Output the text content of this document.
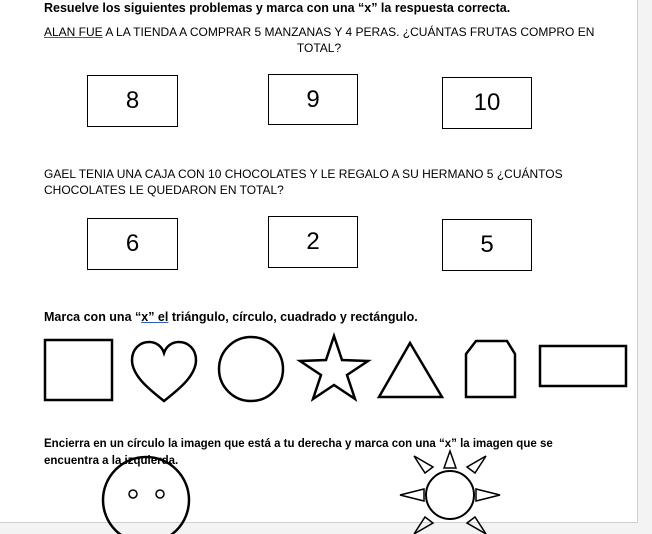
Resuelve los siguientes problemas y marca con una “x” la respuesta correcta.
ALAN FUE A LA TIENDA A COMPRAR 5 MANZANAS Y 4 PERAS. ¿CUÁNTAS FRUTAS COMPRO EN
TOTAL?
8	9	10
GAEL TENIA UNA CAJA CON 10 CHOCOLATES Y LE REGALO A SU HERMANO 5 ¿CUÁNTOS
CHOCOLATES LE QUEDARON EN TOTAL?
6	2	5
Marca con una “x” el triángulo, círculo, cuadrado y rectángulo.
Encierra en un círculo la imagen que está a tu derecha y marca con una “x” la imagen que se
encuentra a la izquierda.
